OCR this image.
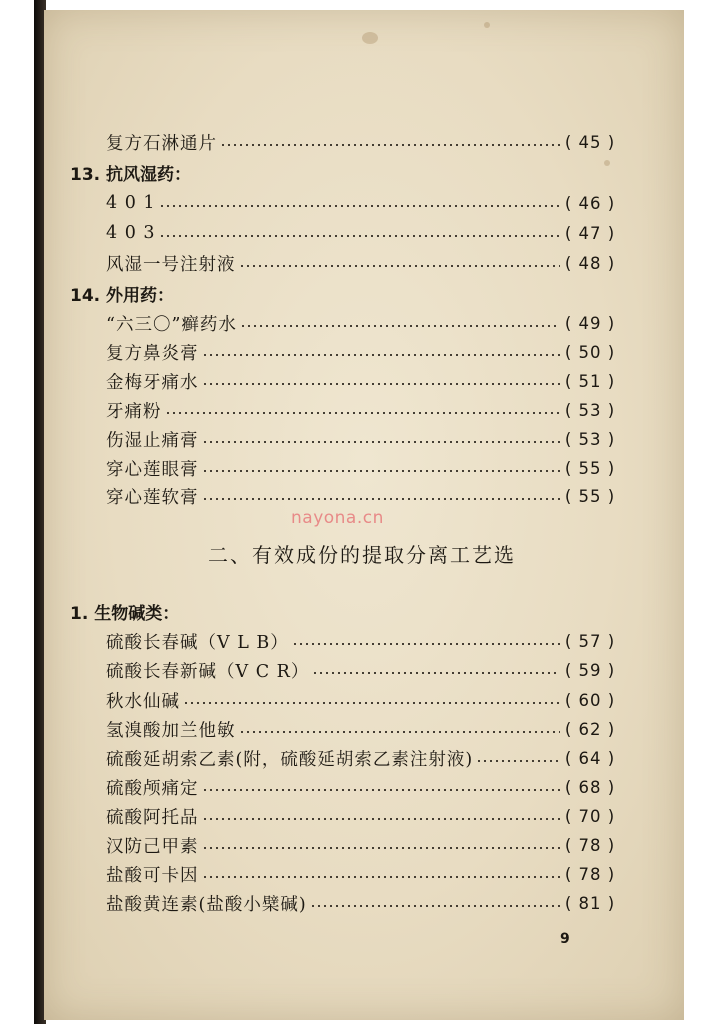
复方石淋通片	( 45 )
13. 抗风湿药：
4 0 1	( 46 )
4 0 3	( 47 )
风湿一号注射液	( 48 )
14. 外用药：
“六三〇”癣药水	( 49 )
复方鼻炎膏	( 50 )
金梅牙痛水	( 51 )
牙痛粉	( 53 )
伤湿止痛膏	( 53 )
穿心莲眼膏	( 55 )
穿心莲软膏	( 55 )
nayona.cn
二、有效成份的提取分离工艺选
1. 生物碱类：
硫酸长春碱（V L B）	( 57 )
硫酸长春新碱（V C R）	( 59 )
秋水仙碱	( 60 )
氢溴酸加兰他敏	( 62 )
硫酸延胡索乙素(附，硫酸延胡索乙素注射液)	( 64 )
硫酸颅痛定	( 68 )
硫酸阿托品	( 70 )
汉防己甲素	( 78 )
盐酸可卡因	( 78 )
盐酸黄连素(盐酸小檗碱)	( 81 )
9
